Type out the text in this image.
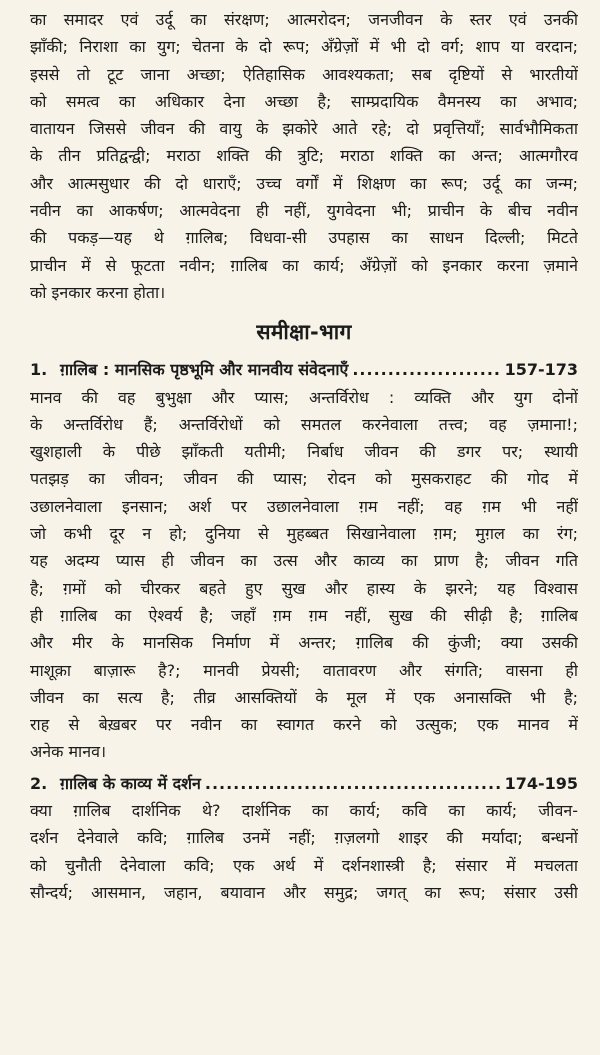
का समादर एवं उर्दू का संरक्षण; आत्मरोदन; जनजीवन के स्तर एवं उनकी
झाँकी; निराशा का युग; चेतना के दो रूप; अँग्रेज़ों में भी दो वर्ग; शाप या वरदान;
इससे तो टूट जाना अच्छा; ऐतिहासिक आवश्यकता; सब दृष्टियों से भारतीयों
को समत्व का अधिकार देना अच्छा है; साम्प्रदायिक वैमनस्य का अभाव;
वातायन जिससे जीवन की वायु के झकोरे आते रहे; दो प्रवृत्तियाँ; सार्वभौमिकता
के तीन प्रतिद्वन्द्वी; मराठा शक्ति की त्रुटि; मराठा शक्ति का अन्त; आत्मगौरव
और आत्मसुधार की दो धाराएँ; उच्च वर्गों में शिक्षण का रूप; उर्दू का जन्म;
नवीन का आकर्षण; आत्मवेदना ही नहीं, युगवेदना भी; प्राचीन के बीच नवीन
की पकड़—यह थे ग़ालिब; विधवा-सी उपहास का साधन दिल्ली; मिटते
प्राचीन में से फूटता नवीन; ग़ालिब का कार्य; अँग्रेज़ों को इनकार करना ज़माने
को इनकार करना होता।
समीक्षा-भाग
1. ग़ालिब : मानसिक पृष्ठभूमि और मानवीय संवेदनाएँ .....	157-173
मानव की वह बुभुक्षा और प्यास; अन्तर्विरोध : व्यक्ति और युग दोनों
के अन्तर्विरोध हैं; अन्तर्विरोधों को समतल करनेवाला तत्त्व; वह ज़माना!;
खुशहाली के पीछे झाँकती यतीमी; निर्बाध जीवन की डगर पर; स्थायी
पतझड़ का जीवन; जीवन की प्यास; रोदन को मुसकराहट की गोद में
उछालनेवाला इनसान; अर्श पर उछालनेवाला ग़म नहीं; वह ग़म भी नहीं
जो कभी दूर न हो; दुनिया से मुहब्बत सिखानेवाला ग़म; मुग़ल का रंग;
यह अदम्य प्यास ही जीवन का उत्स और काव्य का प्राण है; जीवन गति
है; ग़मों को चीरकर बहते हुए सुख और हास्य के झरने; यह विश्वास
ही ग़ालिब का ऐश्वर्य है; जहाँ ग़म ग़म नहीं, सुख की सीढ़ी है; ग़ालिब
और मीर के मानसिक निर्माण में अन्तर; ग़ालिब की कुंजी; क्या उसकी
माशूक़ा बाज़ारू है?; मानवी प्रेयसी; वातावरण और संगति; वासना ही
जीवन का सत्य है; तीव्र आसक्तियों के मूल में एक अनासक्ति भी है;
राह से बेख़बर पर नवीन का स्वागत करने को उत्सुक; एक मानव में
अनेक मानव।
2. ग़ालिब के काव्य में दर्शन .....	174-195
क्या ग़ालिब दार्शनिक थे? दार्शनिक का कार्य; कवि का कार्य; जीवन-
दर्शन देनेवाले कवि; ग़ालिब उनमें नहीं; ग़ज़लगो शाइर की मर्यादा; बन्धनों
को चुनौती देनेवाला कवि; एक अर्थ में दर्शनशास्त्री है; संसार में मचलता
सौन्दर्य; आसमान, जहान, बयावान और समुद्र; जगत् का रूप; संसार उसी
